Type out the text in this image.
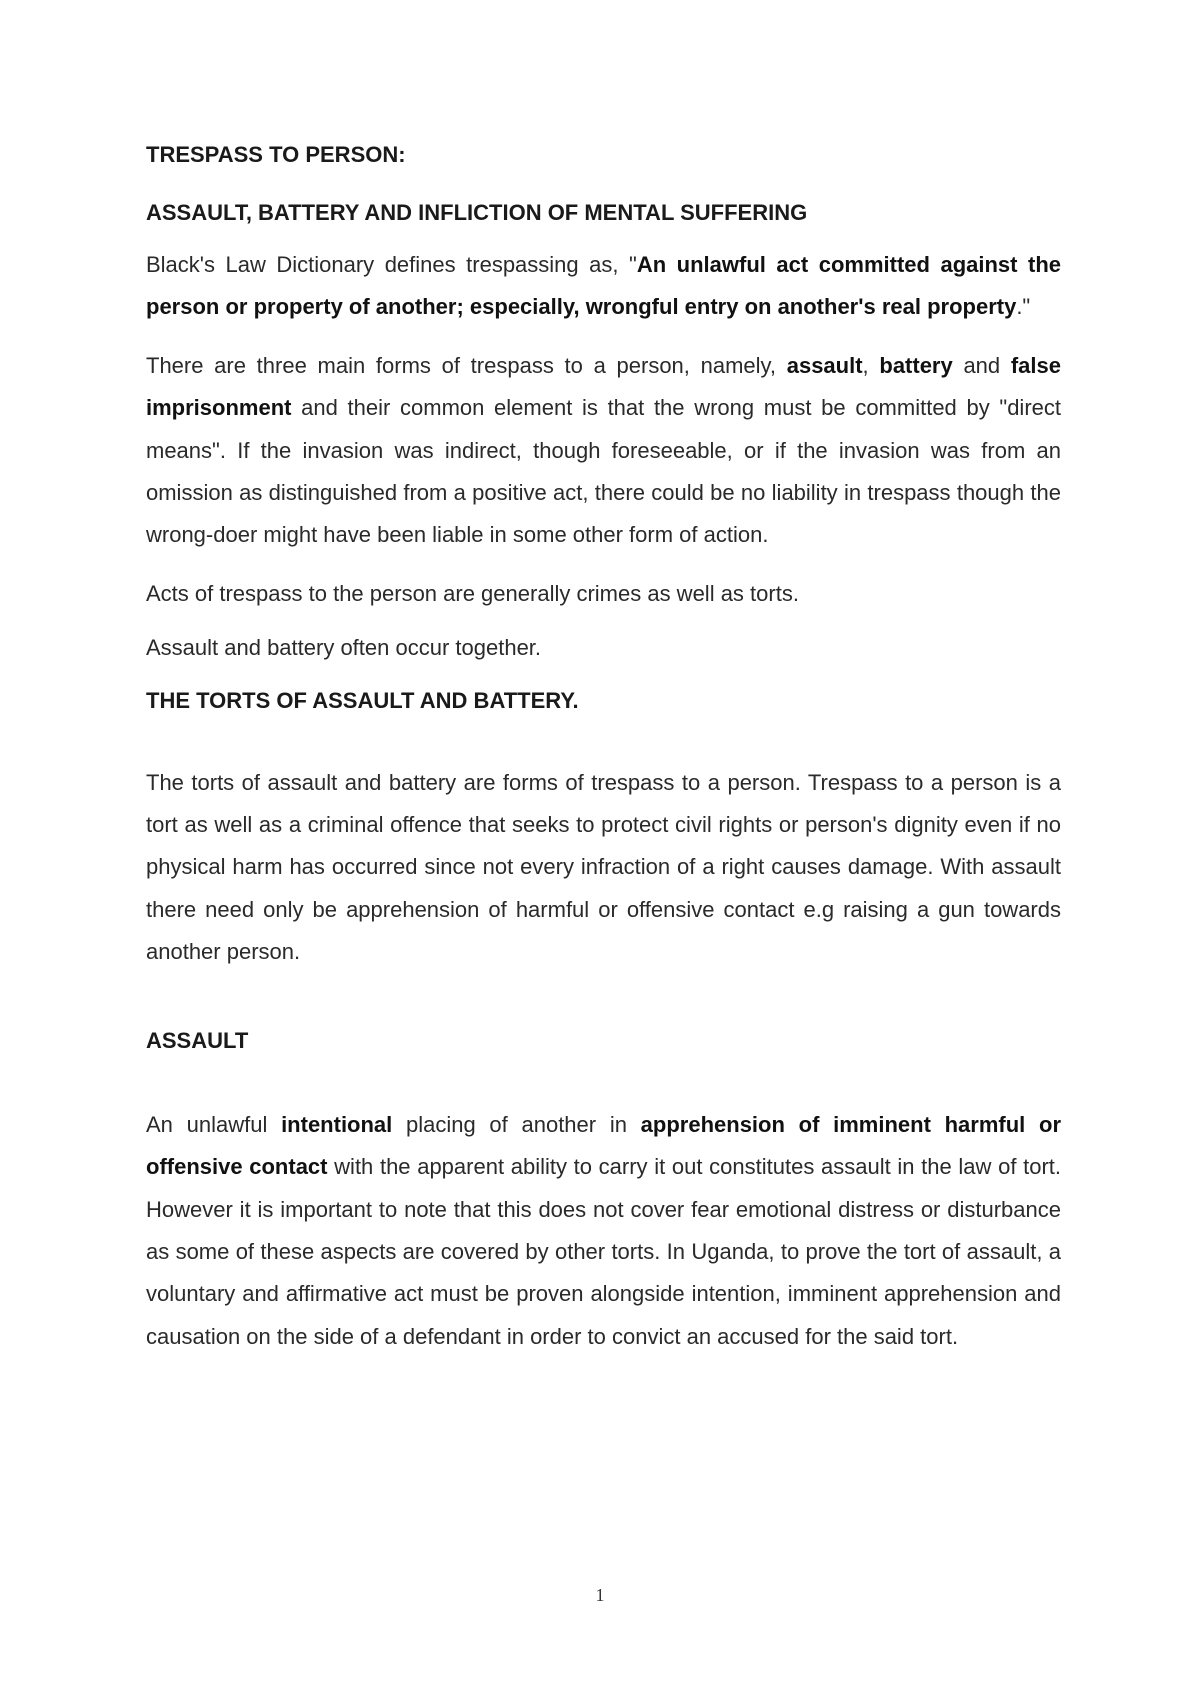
TRESPASS TO PERSON:

ASSAULT, BATTERY AND INFLICTION OF MENTAL SUFFERING

Black's Law Dictionary defines trespassing as, "An unlawful act committed against the person or property of another; especially, wrongful entry on another's real property."

There are three main forms of trespass to a person, namely, assault, battery and false imprisonment and their common element is that the wrong must be committed by "direct means". If the invasion was indirect, though foreseeable, or if the invasion was from an omission as distinguished from a positive act, there could be no liability in trespass though the wrong-doer might have been liable in some other form of action.

Acts of trespass to the person are generally crimes as well as torts.

Assault and battery often occur together.

THE TORTS OF ASSAULT AND BATTERY.

The torts of assault and battery are forms of trespass to a person. Trespass to a person is a tort as well as a criminal offence that seeks to protect civil rights or person's dignity even if no physical harm has occurred since not every infraction of a right causes damage. With assault there need only be apprehension of harmful or offensive contact e.g raising a gun towards another person.

ASSAULT

An unlawful intentional placing of another in apprehension of imminent harmful or offensive contact with the apparent ability to carry it out constitutes assault in the law of tort. However it is important to note that this does not cover fear emotional distress or disturbance as some of these aspects are covered by other torts. In Uganda, to prove the tort of assault, a voluntary and affirmative act must be proven alongside intention, imminent apprehension and causation on the side of a defendant in order to convict an accused for the said tort.

1
